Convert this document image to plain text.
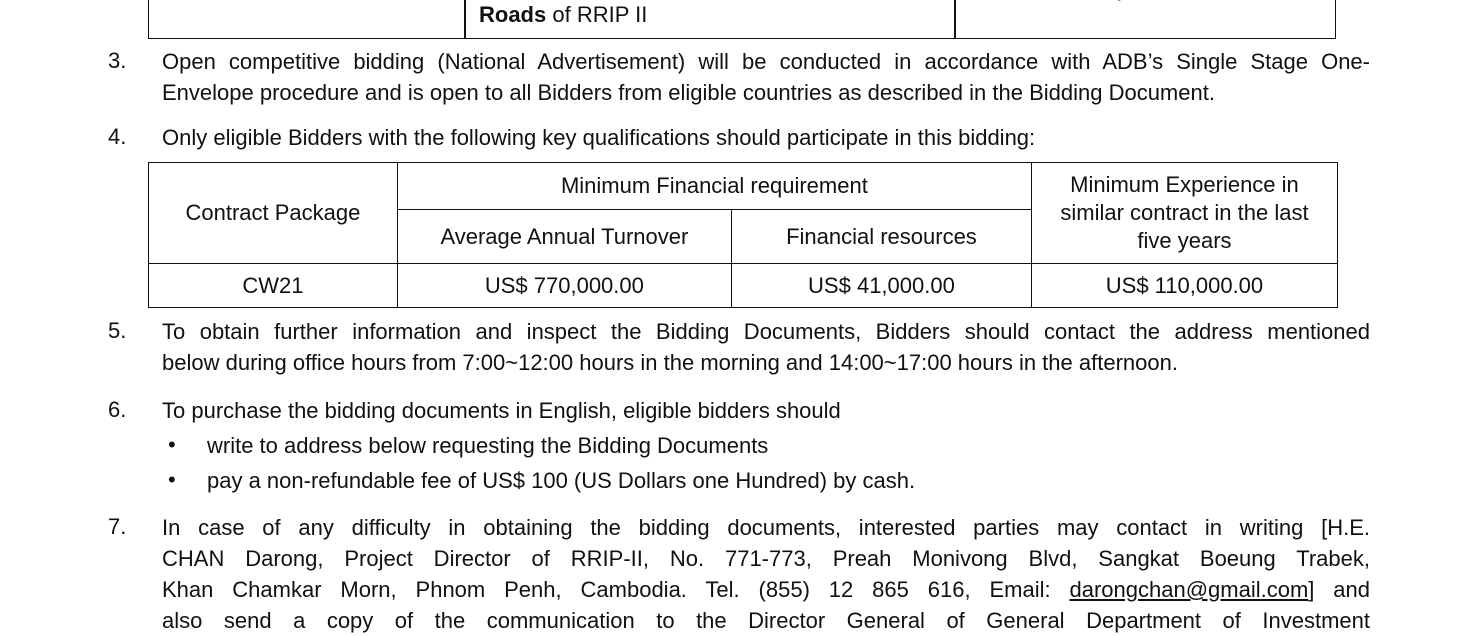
Roads of RRIP II
3.	Open competitive bidding (National Advertisement) will be conducted in accordance with ADB’s Single Stage One-
Envelope procedure and is open to all Bidders from eligible countries as described in the Bidding Document.
4.	Only eligible Bidders with the following key qualifications should participate in this bidding:
Contract Package	Minimum Financial requirement		Minimum Experience in
similar contract in the last
five years

	Average Annual Turnover	Financial resources	
CW21	US$ 770,000.00	US$ 41,000.00	US$ 110,000.00
5.	To obtain further information and inspect the Bidding Documents, Bidders should contact the address mentioned
below during office hours from 7:00~12:00 hours in the morning and 14:00~17:00 hours in the afternoon.
6.	To purchase the bidding documents in English, eligible bidders should
• write to address below requesting the Bidding Documents
• pay a non-refundable fee of US$ 100 (US Dollars one Hundred) by cash.
7.	In case of any difficulty in obtaining the bidding documents, interested parties may contact in writing [H.E.
CHAN Darong, Project Director of RRIP-II, No. 771-773, Preah Monivong Blvd, Sangkat Boeung Trabek,
Khan Chamkar Morn, Phnom Penh, Cambodia. Tel. (855) 12 865 616, Email: darongchan@gmail.com] and
also send a copy of the communication to the Director General of General Department of Investment
